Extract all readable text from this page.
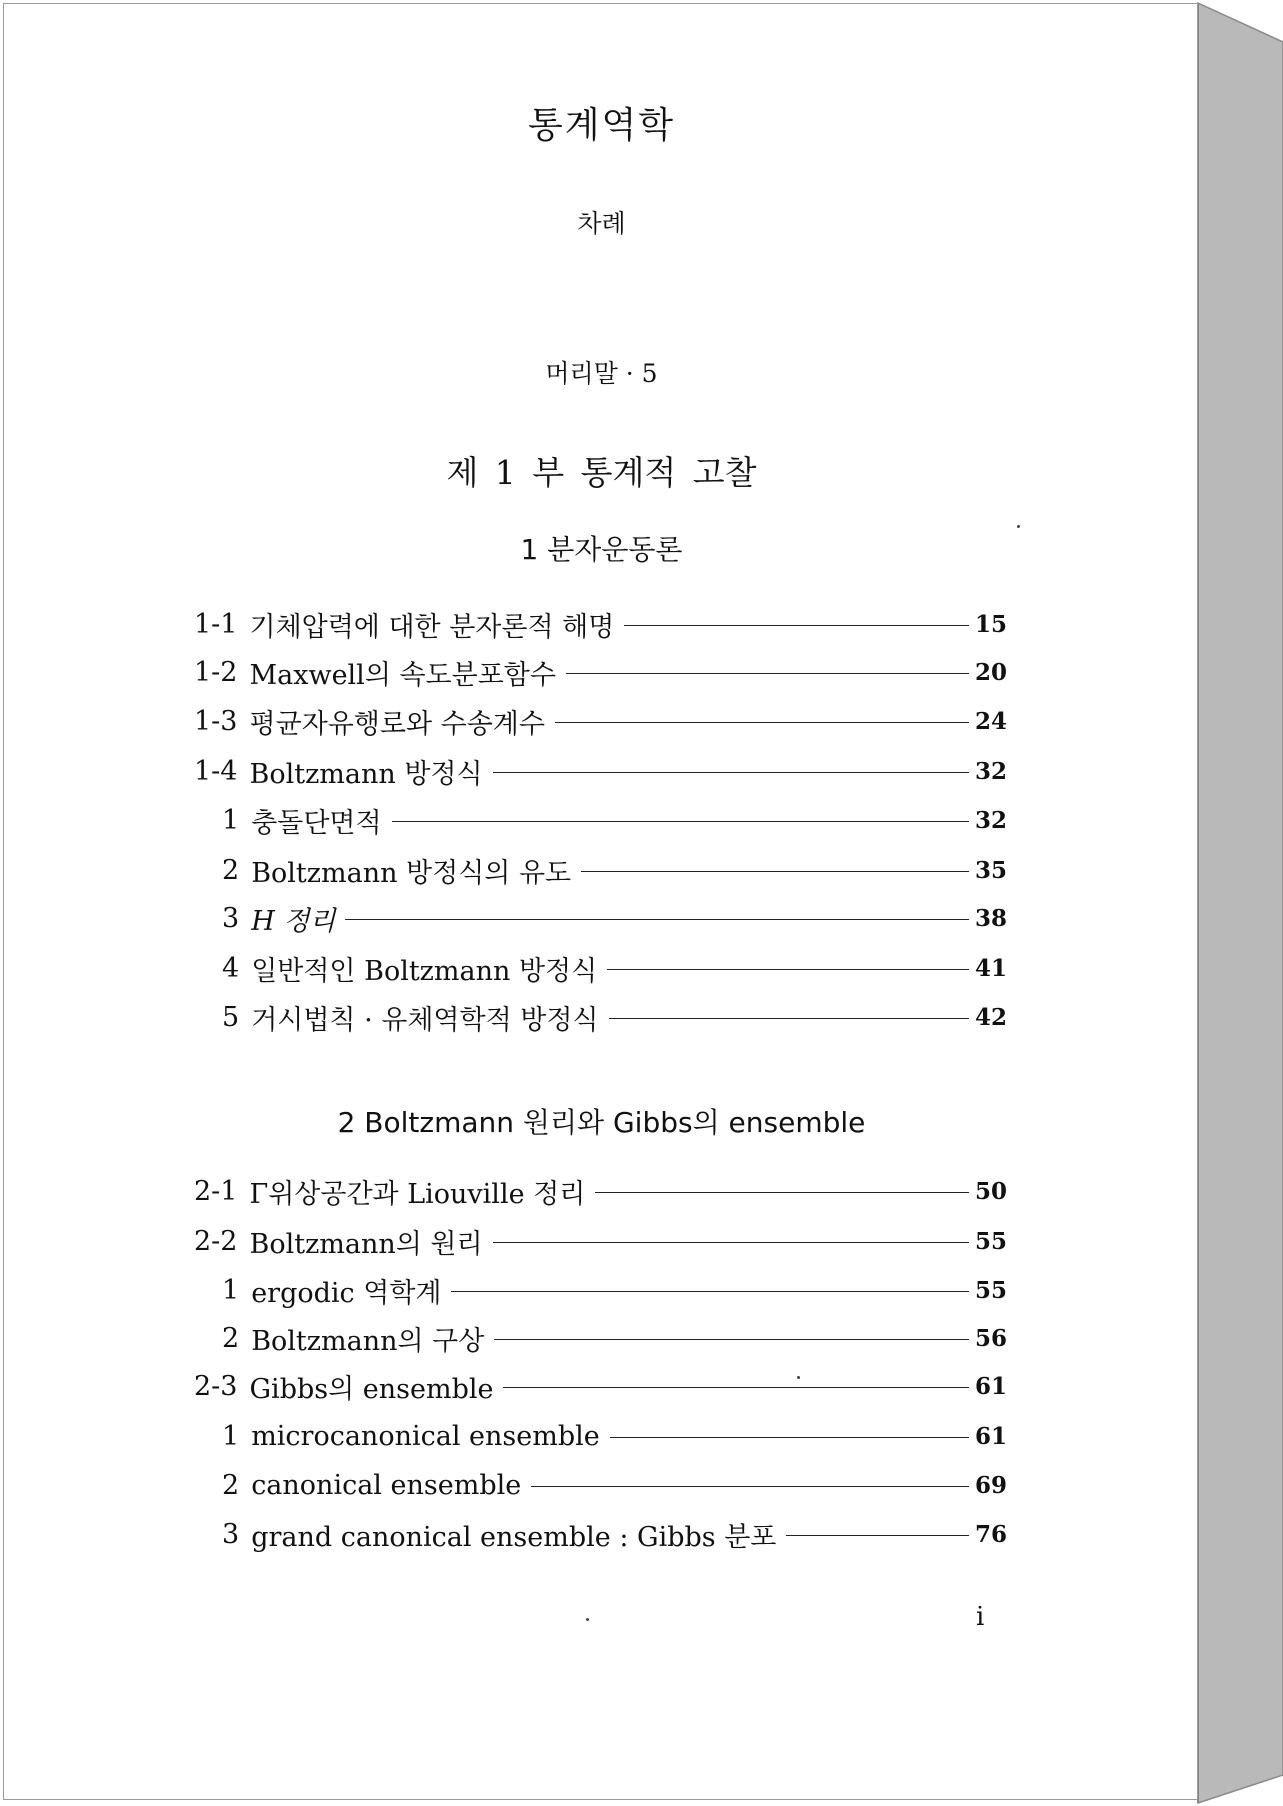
통계역학
차례
머리말 · 5
제 1 부 통계적 고찰
1 분자운동론
1-1 기체압력에 대한 분자론적 해명	15
1-2 Maxwell의 속도분포함수	20
1-3 평균자유행로와 수송계수	24
1-4 Boltzmann 방정식	32
1 충돌단면적	32
2 Boltzmann 방정식의 유도	35
3 H 정리	38
4 일반적인 Boltzmann 방정식	41
5 거시법칙 · 유체역학적 방정식	42
2 Boltzmann 원리와 Gibbs의 ensemble
2-1 Γ위상공간과 Liouville 정리	50
2-2 Boltzmann의 원리	55
1 ergodic 역학계	55
2 Boltzmann의 구상	56
2-3 Gibbs의 ensemble	61
1 microcanonical ensemble	61
2 canonical ensemble	69
3 grand canonical ensemble : Gibbs 분포	76
i
